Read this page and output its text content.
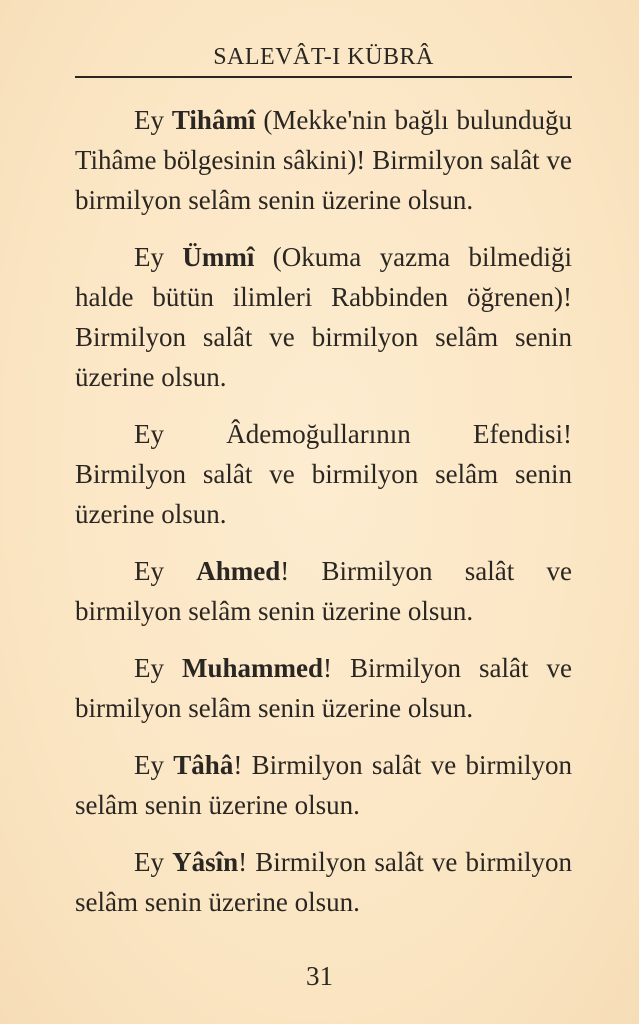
SALEVÂT-I KÜBRÂ

Ey Tihâmî (Mekke'nin bağlı bulunduğu Tihâme bölgesinin sâkini)! Birmilyon salât ve birmilyon selâm senin üzerine olsun.

Ey Ümmî (Okuma yazma bilmediği halde bütün ilimleri Rabbinden öğrenen)! Birmilyon salât ve birmilyon selâm senin üzerine olsun.

Ey Âdemoğullarının Efendisi! Birmilyon salât ve birmilyon selâm senin üzerine olsun.

Ey Ahmed! Birmilyon salât ve birmilyon selâm senin üzerine olsun.

Ey Muhammed! Birmilyon salât ve birmilyon selâm senin üzerine olsun.

Ey Tâhâ! Birmilyon salât ve birmilyon selâm senin üzerine olsun.

Ey Yâsîn! Birmilyon salât ve birmilyon selâm senin üzerine olsun.

31
